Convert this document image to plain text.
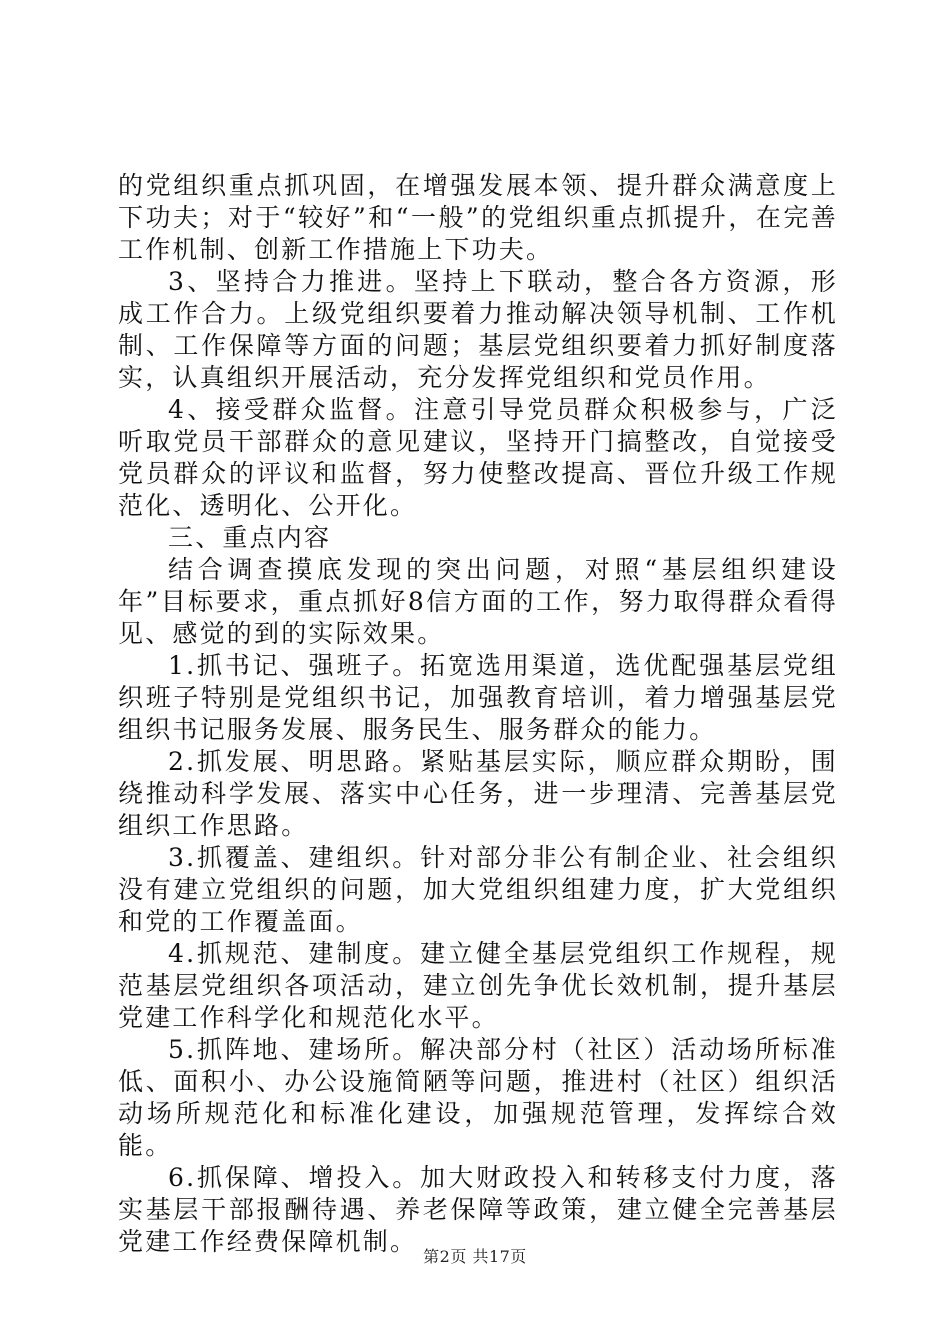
的党组织重点抓巩固，在增强发展本领、提升群众满意度上下功夫；对于“较好”和“一般”的党组织重点抓提升，在完善工作机制、创新工作措施上下功夫。

3、坚持合力推进。坚持上下联动，整合各方资源，形成工作合力。上级党组织要着力推动解决领导机制、工作机制、工作保障等方面的问题；基层党组织要着力抓好制度落实，认真组织开展活动，充分发挥党组织和党员作用。

4、接受群众监督。注意引导党员群众积极参与，广泛听取党员干部群众的意见建议，坚持开门搞整改，自觉接受党员群众的评议和监督，努力使整改提高、晋位升级工作规范化、透明化、公开化。

三、重点内容

结合调查摸底发现的突出问题，对照“基层组织建设年”目标要求，重点抓好8信方面的工作，努力取得群众看得见、感觉的到的实际效果。

1.抓书记、强班子。拓宽选用渠道，选优配强基层党组织班子特别是党组织书记，加强教育培训，着力增强基层党组织书记服务发展、服务民生、服务群众的能力。

2.抓发展、明思路。紧贴基层实际，顺应群众期盼，围绕推动科学发展、落实中心任务，进一步理清、完善基层党组织工作思路。

3.抓覆盖、建组织。针对部分非公有制企业、社会组织没有建立党组织的问题，加大党组织组建力度，扩大党组织和党的工作覆盖面。

4.抓规范、建制度。建立健全基层党组织工作规程，规范基层党组织各项活动，建立创先争优长效机制，提升基层党建工作科学化和规范化水平。

5.抓阵地、建场所。解决部分村（社区）活动场所标准低、面积小、办公设施简陋等问题，推进村（社区）组织活动场所规范化和标准化建设，加强规范管理，发挥综合效能。

6.抓保障、增投入。加大财政投入和转移支付力度，落实基层干部报酬待遇、养老保障等政策，建立健全完善基层党建工作经费保障机制。

第2页 共17页
